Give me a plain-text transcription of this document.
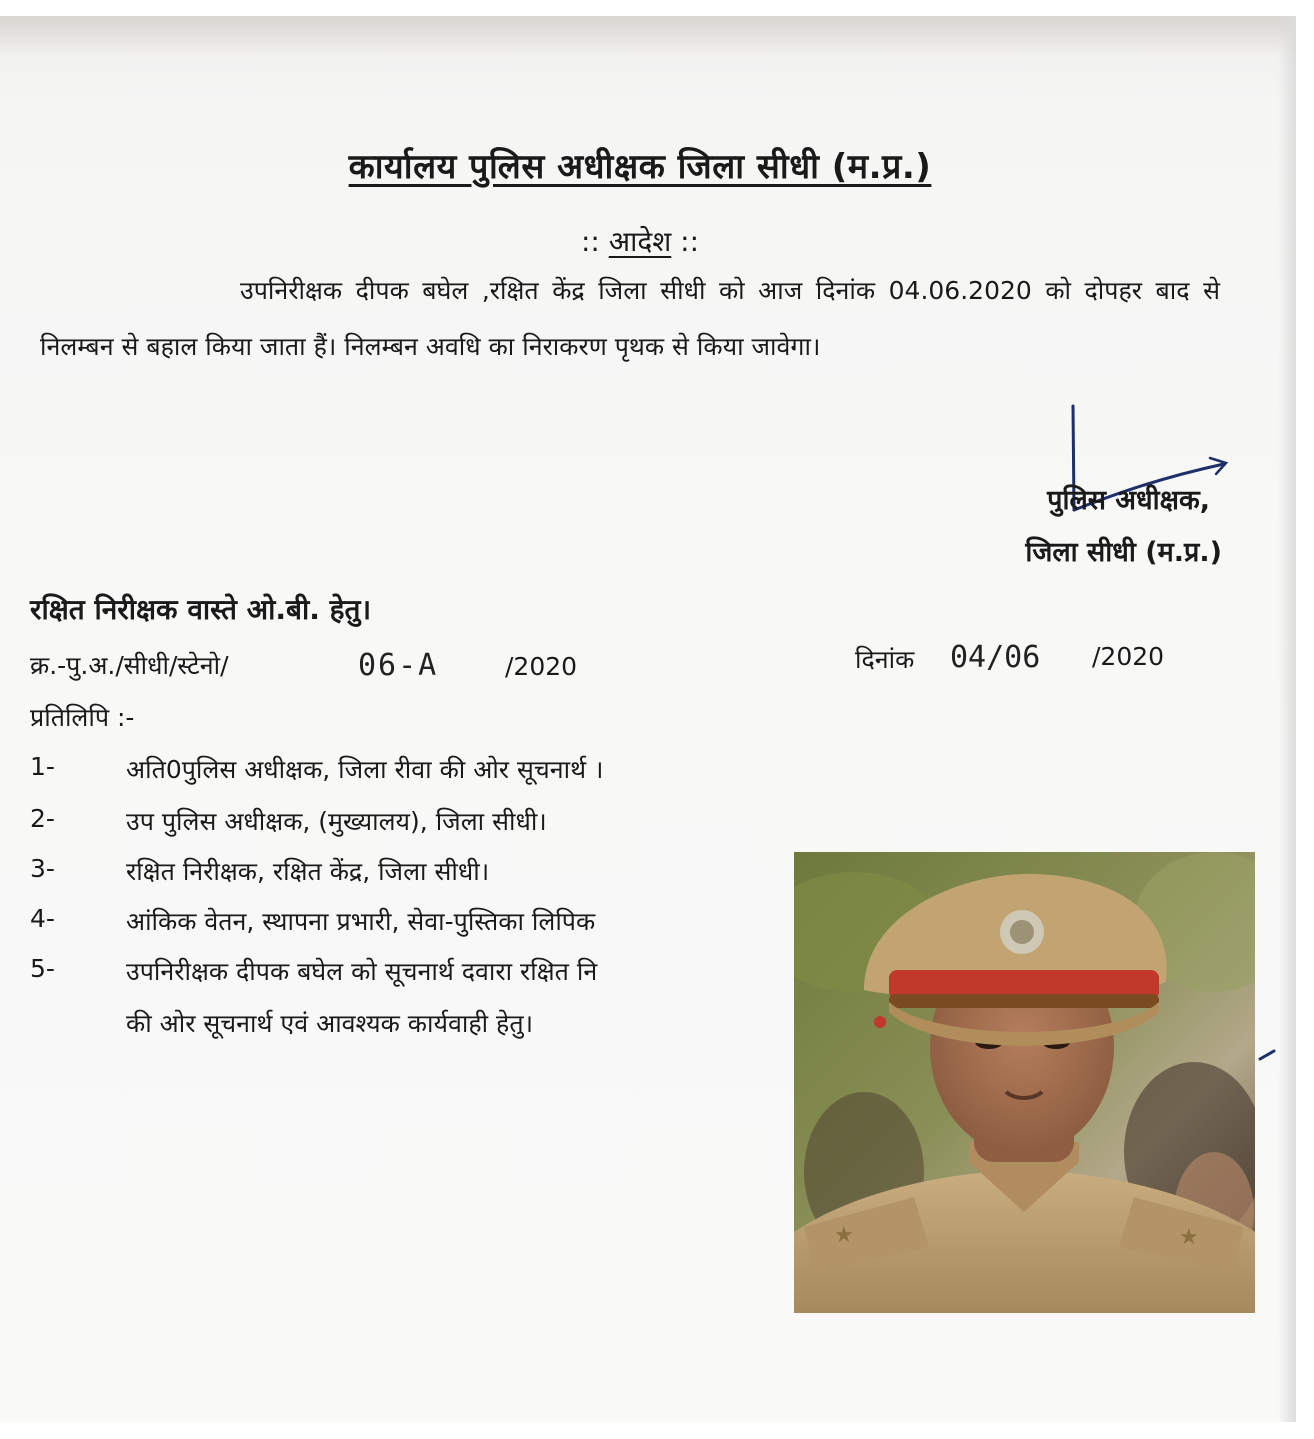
कार्यालय पुलिस अधीक्षक जिला सीधी (म.प्र.)
:: आदेश ::
उपनिरीक्षक दीपक बघेल ,रक्षित केंद्र जिला सीधी को आज दिनांक 04.06.2020 को दोपहर बाद से निलम्बन से बहाल किया जाता हैं। निलम्बन अवधि का निराकरण पृथक से किया जावेगा।
पुलिस अधीक्षक,
जिला सीधी (म.प्र.)
रक्षित निरीक्षक वास्ते ओ.बी. हेतु।
क्र.-पु.अ./सीधी/स्टेनो/	06-A	/2020	दिनांक 04/06 /2020
प्रतिलिपि :-
1-	अति0पुलिस अधीक्षक, जिला रीवा की ओर सूचनार्थ ।
2-	उप पुलिस अधीक्षक, (मुख्यालय), जिला सीधी।
3-	रक्षित निरीक्षक, रक्षित केंद्र, जिला सीधी।
4-	आंकिक वेतन, स्थापना प्रभारी, सेवा-पुस्तिका लिपिक
5-	उपनिरीक्षक दीपक बघेल को सूचनार्थ दवारा रक्षित नि
की ओर सूचनार्थ एवं आवश्यक कार्यवाही हेतु।
★	★
